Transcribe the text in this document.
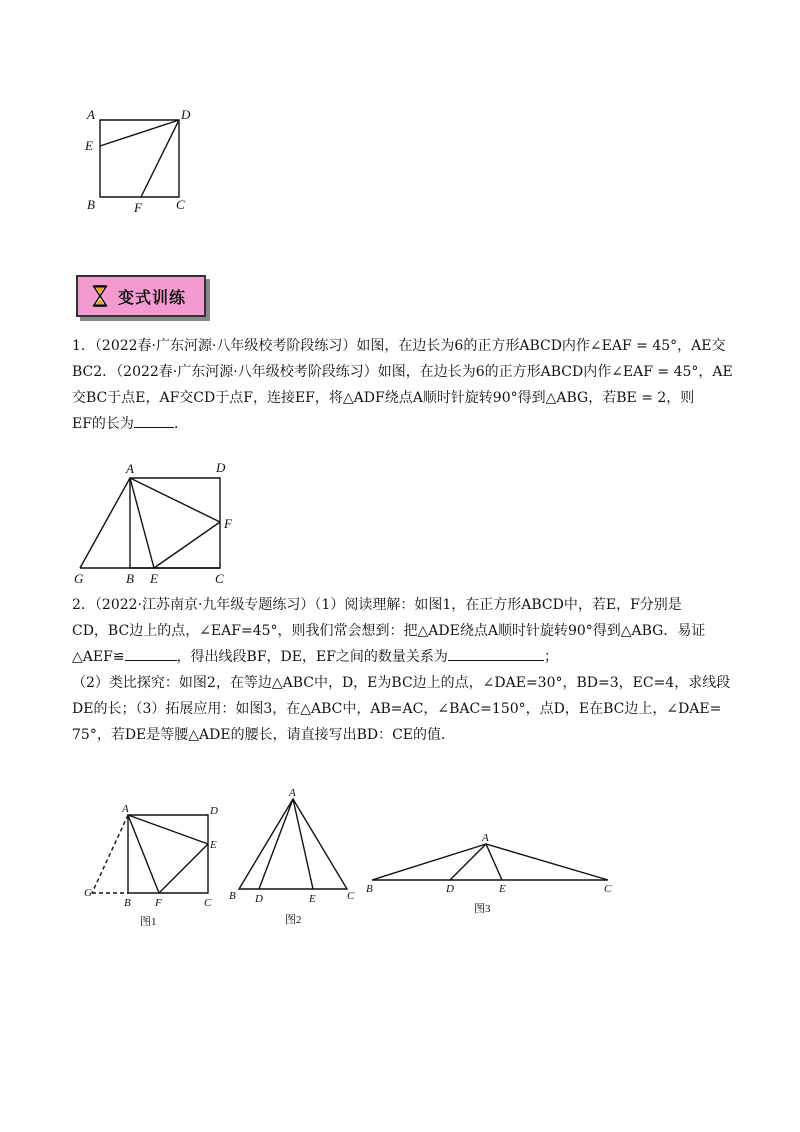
A	D
E
B	F	C
变式训练
1．（2022春·广东河源·八年级校考阶段练习）如图，在边长为6的正方形ABCD内作∠EAF = 45°，AE交
BC2．（2022春·广东河源·八年级校考阶段练习）如图，在边长为6的正方形ABCD内作∠EAF = 45°，AE
交BC于点E，AF交CD于点F，连接EF，将△ADF绕点A顺时针旋转90°得到△ABG，若BE = 2，则
EF的长为	．
A	D
F
G	B E	C
2．（2022·江苏南京·九年级专题练习）（1）阅读理解：如图1，在正方形ABCD中，若E，F分别是
CD，BC边上的点，∠EAF=45°，则我们常会想到：把△ADE绕点A顺时针旋转90°得到△ABG．易证
△AEF≌	，得出线段BF，DE，EF之间的数量关系为	；
（2）类比探究：如图2，在等边△ABC中，D，E为BC边上的点，∠DAE=30°，BD=3，EC=4，求线段
DE的长；（3）拓展应用：如图3，在△ABC中，AB=AC，∠BAC=150°，点D，E在BC边上，∠DAE=
75°，若DE是等腰△ADE的腰长，请直接写出BD：CE的值．
A	D
E
G
B F	C
图1
A
B D	E	C
图2
A
B	D	E	C
图3
